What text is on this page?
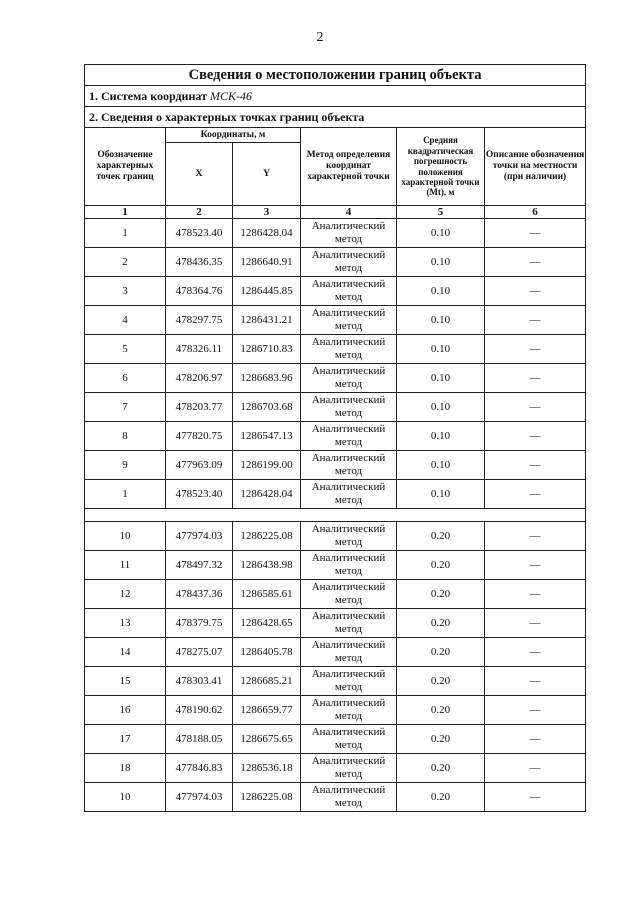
2
Сведения о местоположении границ объекта					
1. Система координат МСК-46					
2. Сведения о характерных точках границ объекта					
Обозначение характерных точек границ	Координаты, м		Метод определения координат характерной точки	Средняя квадратическая погрешность положения характерной точки (Mt), м	Описание обозначения точки на местности (при наличии)
	X	Y			
1	2	3	4	5	6
1	478523.40	1286428.04	Аналитический метод	0.10	—
2	478436.35	1286640.91	Аналитический метод	0.10	—
3	478364.76	1286445.85	Аналитический метод	0.10	—
4	478297.75	1286431.21	Аналитический метод	0.10	—
5	478326.11	1286710.83	Аналитический метод	0.10	—
6	478206.97	1286683.96	Аналитический метод	0.10	—
7	478203.77	1286703.68	Аналитический метод	0.10	—
8	477820.75	1286547.13	Аналитический метод	0.10	—
9	477963.09	1286199.00	Аналитический метод	0.10	—
1	478523.40	1286428.04	Аналитический метод	0.10	—

10	477974.03	1286225.08	Аналитический метод	0.20	—
11	478497.32	1286438.98	Аналитический метод	0.20	—
12	478437.36	1286585.61	Аналитический метод	0.20	—
13	478379.75	1286428.65	Аналитический метод	0.20	—
14	478275.07	1286405.78	Аналитический метод	0.20	—
15	478303.41	1286685.21	Аналитический метод	0.20	—
16	478190.62	1286659.77	Аналитический метод	0.20	—
17	478188.05	1286675.65	Аналитический метод	0.20	—
18	477846.83	1286536.18	Аналитический метод	0.20	—
10	477974.03	1286225.08	Аналитический метод	0.20	—
